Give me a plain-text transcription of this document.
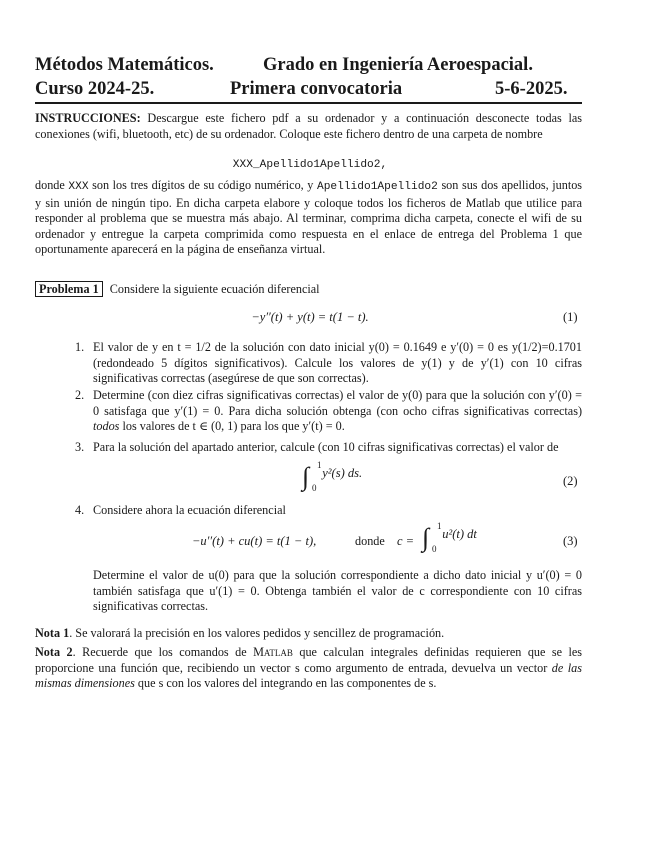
Métodos Matemáticos.	Grado en Ingeniería Aeroespacial.
Curso 2024-25.	Primera convocatoria	5-6-2025.
INSTRUCCIONES: Descargue este fichero pdf a su ordenador y a continuación desconecte todas las conexiones (wifi, bluetooth, etc) de su ordenador. Coloque este fichero dentro de una carpeta de nombre
XXX_Apellido1Apellido2,
donde XXX son los tres dígitos de su código numérico, y Apellido1Apellido2 son sus dos apellidos, juntos y sin unión de ningún tipo. En dicha carpeta elabore y coloque todos los ficheros de Matlab que utilice para responder al problema que se muestra más abajo. Al terminar, comprima dicha carpeta, conecte el wifi de su ordenador y entregue la carpeta comprimida como respuesta en el enlace de entrega del Problema 1 que oportunamente aparecerá en la página de enseñanza virtual.
Problema 1 Considere la siguiente ecuación diferencial
−y′′(t) + y(t) = t(1 − t).	(1)
1. El valor de y en t = 1/2 de la solución con dato inicial y(0) = 0.1649 e y′(0) = 0 es y(1/2)=0.1701 (redondeado 5 dígitos significativos). Calcule los valores de y(1) y de y′(1) con 10 cifras significativas correctas (asegúrese de que son correctas).
2. Determine (con diez cifras significativas correctas) el valor de y(0) para que la solución con y′(0) = 0 satisfaga que y′(1) = 0. Para dicha solución obtenga (con ocho cifras significativas correctas) todos los valores de t ∈ (0, 1) para los que y′(t) = 0.
3. Para la solución del apartado anterior, calcule (con 10 cifras significativas correctas) el valor de
∫ 1
0
y²(s) ds.
(2)
4. Considere ahora la ecuación diferencial
−u′′(t) + cu(t) = t(1 − t),	donde c = ∫ 1
0
u²(t) dt	(3)
Determine el valor de u(0) para que la solución correspondiente a dicho dato inicial y u′(0) = 0 también satisfaga que u′(1) = 0. Obtenga también el valor de c correspondiente con 10 cifras significativas correctas.
Nota 1. Se valorará la precisión en los valores pedidos y sencillez de programación.
Nota 2. Recuerde que los comandos de Matlab que calculan integrales definidas requieren que se les proporcione una función que, recibiendo un vector s como argumento de entrada, devuelva un vector de las mismas dimensiones que s con los valores del integrando en las componentes de s.
